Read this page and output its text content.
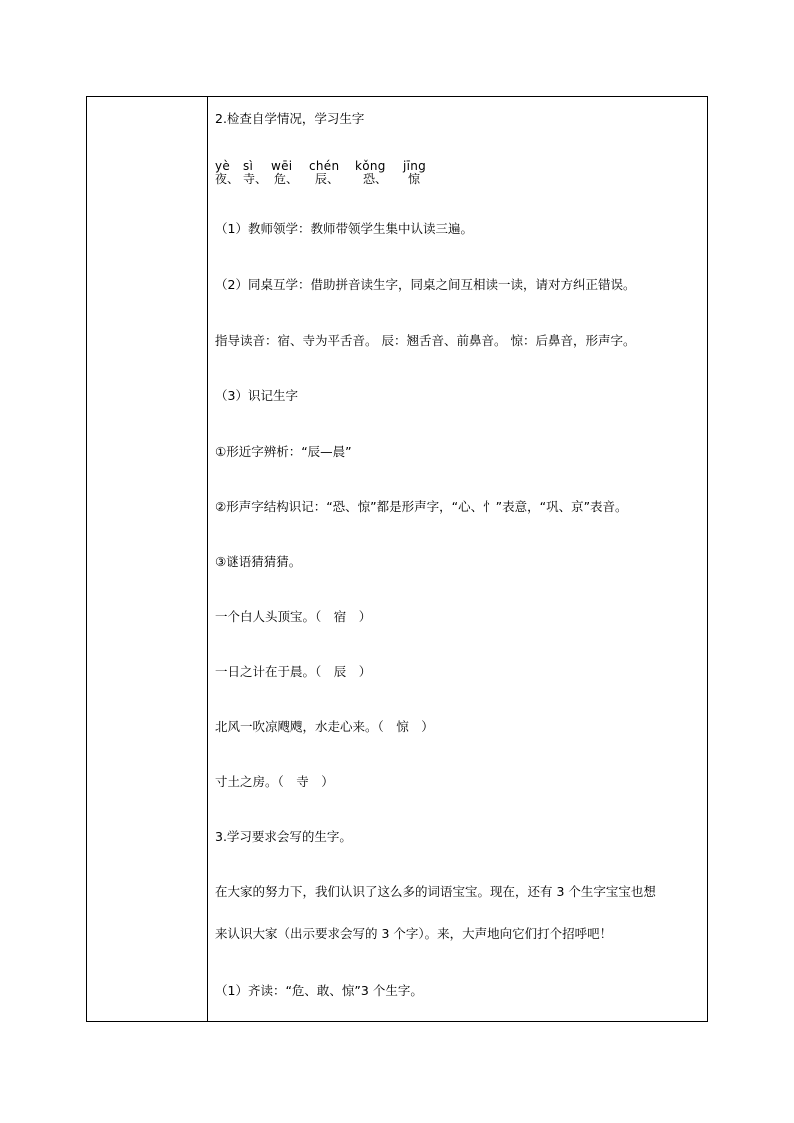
2.检查自学情况，学习生字
yè
夜、
sì
寺、
wēi
危、
chén
辰、
kǒng
恐、
jīng
惊
（1）教师领学：教师带领学生集中认读三遍。
（2）同桌互学：借助拼音读生字，同桌之间互相读一读，请对方纠正错误。
指导读音：宿、寺为平舌音。 辰：翘舌音、前鼻音。 惊：后鼻音，形声字。
（3）识记生字
①形近字辨析：“辰—晨”
②形声字结构识记：“恐、惊”都是形声字，“心、忄”表意，“巩、京”表音。
③谜语猜猜猜。
一个白人头顶宝。（　宿　）
一日之计在于晨。（　辰　）
北风一吹凉飕飕，水走心来。（　惊　）
寸土之房。（　寺　）
3.学习要求会写的生字。
在大家的努力下，我们认识了这么多的词语宝宝。现在，还有 3 个生字宝宝也想
来认识大家（出示要求会写的 3 个字）。来，大声地向它们打个招呼吧！
（1）齐读：“危、敢、惊”3 个生字。
